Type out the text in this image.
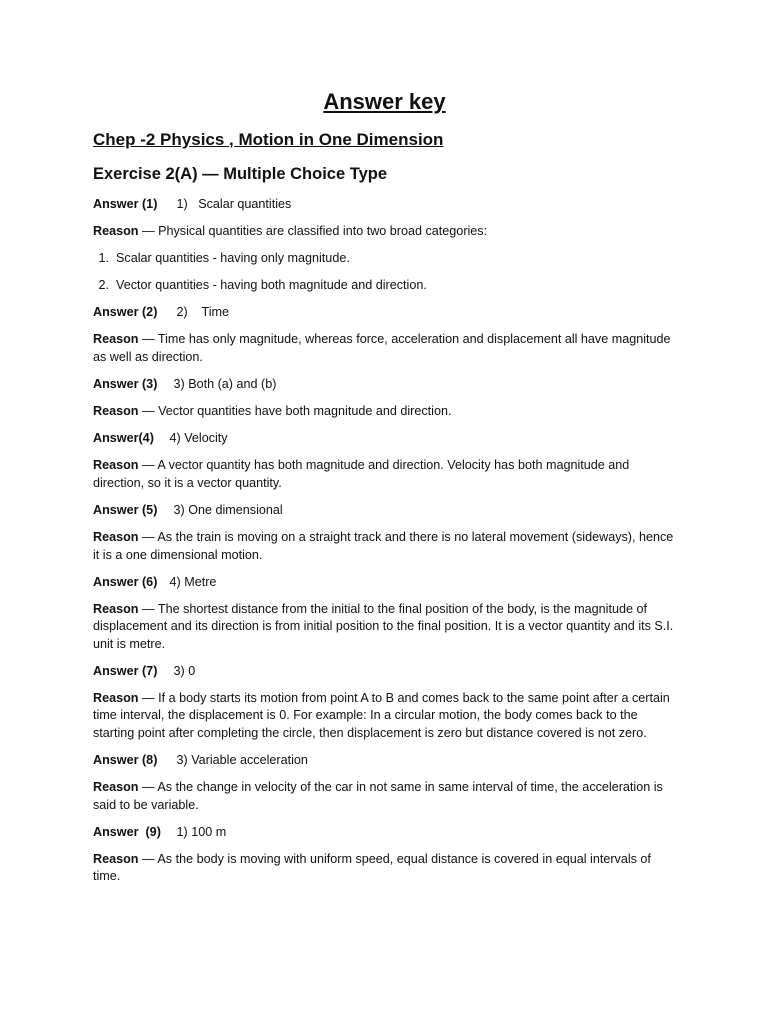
Answer key
Chep -2 Physics , Motion in One Dimension
Exercise 2(A) — Multiple Choice Type
Answer (1) 1)   Scalar quantities
Reason — Physical quantities are classified into two broad categories:
1. Scalar quantities - having only magnitude.
2. Vector quantities - having both magnitude and direction.
Answer (2) 2)    Time
Reason — Time has only magnitude, whereas force, acceleration and displacement all have magnitude as well as direction.
Answer (3) 3) Both (a) and (b)
Reason — Vector quantities have both magnitude and direction.
Answer(4) 4) Velocity
Reason — A vector quantity has both magnitude and direction. Velocity has both magnitude and direction, so it is a vector quantity.
Answer (5) 3) One dimensional
Reason — As the train is moving on a straight track and there is no lateral movement (sideways), hence it is a one dimensional motion.
Answer (6) 4) Metre
Reason — The shortest distance from the initial to the final position of the body, is the magnitude of displacement and its direction is from initial position to the final position. It is a vector quantity and its S.I. unit is metre.
Answer (7) 3) 0
Reason — If a body starts its motion from point A to B and comes back to the same point after a certain time interval, the displacement is 0. For example: In a circular motion, the body comes back to the starting point after completing the circle, then displacement is zero but distance covered is not zero.
Answer (8) 3) Variable acceleration
Reason — As the change in velocity of the car in not same in same interval of time, the acceleration is said to be variable.
Answer  (9) 1) 100 m
Reason — As the body is moving with uniform speed, equal distance is covered in equal intervals of time.
